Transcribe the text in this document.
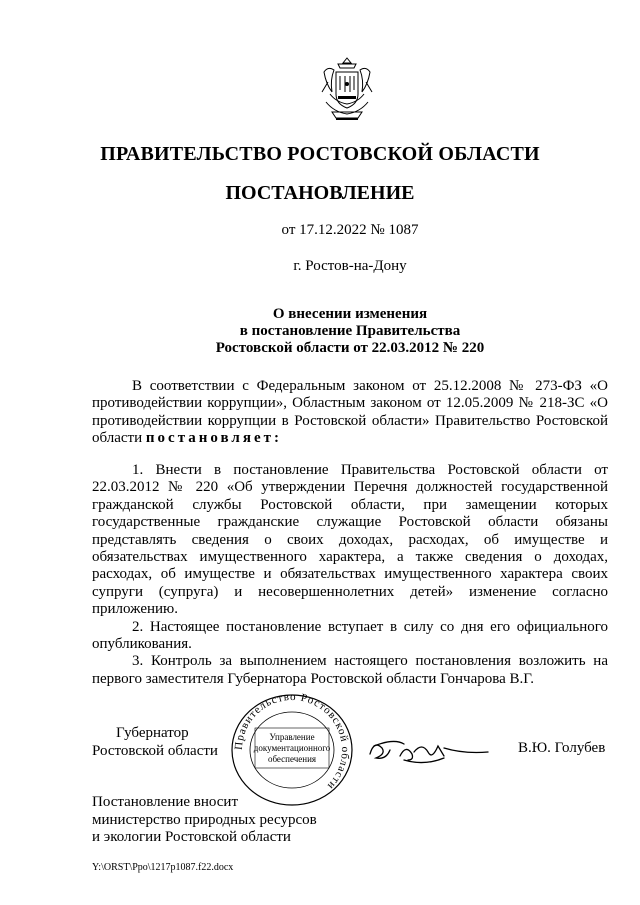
ПРАВИТЕЛЬСТВО РОСТОВСКОЙ ОБЛАСТИ
ПОСТАНОВЛЕНИЕ
от 17.12.2022 № 1087
г. Ростов-на-Дону
О внесении изменения
в постановление Правительства
Ростовской области от 22.03.2012 № 220
В соответствии с Федеральным законом от 25.12.2008 № 273-ФЗ «О противодействии коррупции», Областным законом от 12.05.2009 № 218-ЗС «О противодействии коррупции в Ростовской области» Правительство Ростовской области постановляет:

1. Внести в постановление Правительства Ростовской области от 22.03.2012 № 220 «Об утверждении Перечня должностей государственной гражданской службы Ростовской области, при замещении которых государственные гражданские служащие Ростовской области обязаны представлять сведения о своих доходах, расходах, об имуществе и обязательствах имущественного характера, а также сведения о доходах, расходах, об имуществе и обязательствах имущественного характера своих супруги (супруга) и несовершеннолетних детей» изменение согласно приложению.

2. Настоящее постановление вступает в силу со дня его официального опубликования.

3. Контроль за выполнением настоящего постановления возложить на первого заместителя Губернатора Ростовской области Гончарова В.Г.

Губернатор
Ростовской области Правительство Ростовской области
Управление
документационного
обеспечения
В.Ю. Голубев
Постановление вносит
министерство природных ресурсов
и экологии Ростовской области
Y:\ORST\Ppo\1217p1087.f22.docx
